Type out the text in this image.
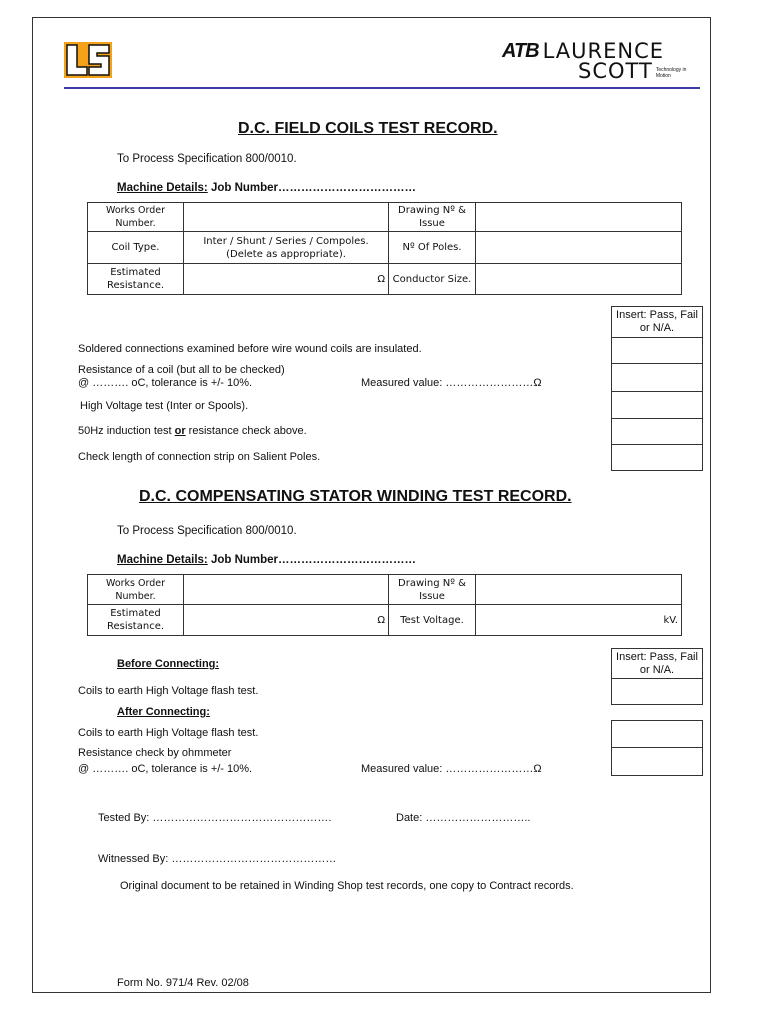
ATB LAURENCE
SCOTT Technology in Motion
D.C. FIELD COILS TEST RECORD.
To Process Specification 800/0010.
Machine Details: Job Number………………………………
Works Order Number.		Drawing Nº & Issue	
Coil Type.	Inter / Shunt / Series / Compoles. (Delete as appropriate).	Nº Of Poles.	
Estimated Resistance.	Ω	Conductor Size.	
Insert: Pass, Fail or N/A.
Soldered connections examined before wire wound coils are insulated.
Resistance of a coil (but all to be checked)
@ ………. oC, tolerance is +/- 10%.	Measured value: ……………………Ω
High Voltage test (Inter or Spools).
50Hz induction test or resistance check above.
Check length of connection strip on Salient Poles.
D.C. COMPENSATING STATOR WINDING TEST RECORD.
To Process Specification 800/0010.
Machine Details: Job Number………………………………
Works Order Number.		Drawing Nº & Issue	
Estimated Resistance.	Ω	Test Voltage.	kV.
Insert: Pass, Fail or N/A.
Before Connecting:
Coils to earth High Voltage flash test.
After Connecting:
Coils to earth High Voltage flash test.
Resistance check by ohmmeter
@ ………. oC, tolerance is +/- 10%.	Measured value: ……………………Ω
Tested By: ………………………………………….	Date: ………………………..
Witnessed By: ………………………………………
Original document to be retained in Winding Shop test records, one copy to Contract records.
Form No. 971/4 Rev. 02/08
